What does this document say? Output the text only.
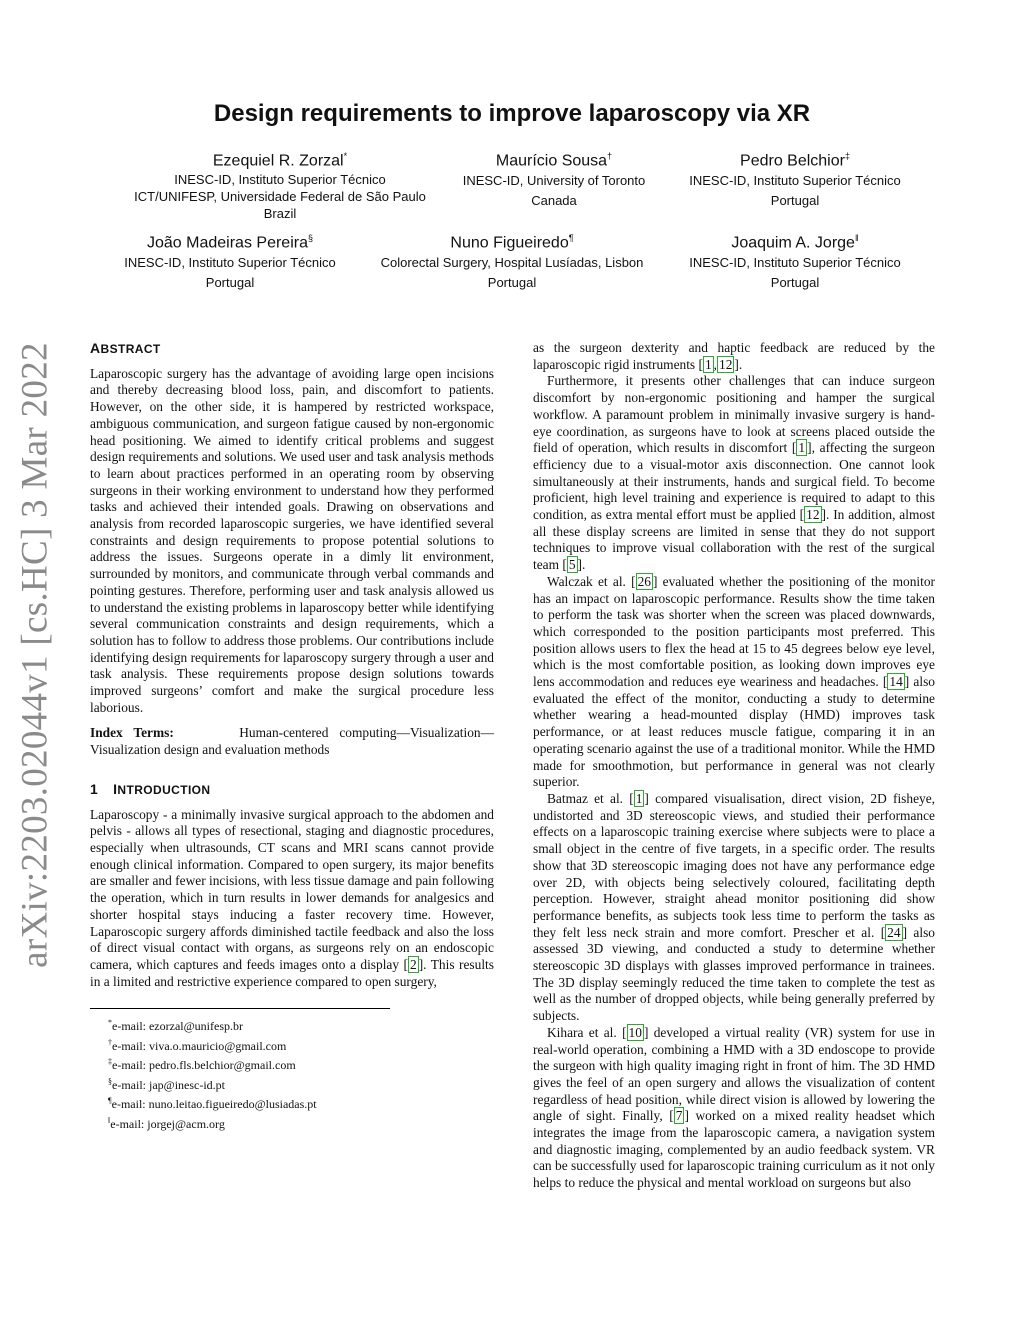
arXiv:2203.02044v1 [cs.HC] 3 Mar 2022
Design requirements to improve laparoscopy via XR
Ezequiel R. Zorzal*
INESC-ID, Instituto Superior Técnico
ICT/UNIFESP, Universidade Federal de São Paulo
Brazil
Maurício Sousa†
INESC-ID, University of Toronto
Canada
Pedro Belchior‡
INESC-ID, Instituto Superior Técnico
Portugal
João Madeiras Pereira§
INESC-ID, Instituto Superior Técnico
Portugal
Nuno Figueiredo¶
Colorectal Surgery, Hospital Lusíadas, Lisbon
Portugal
Joaquim A. Jorge‖
INESC-ID, Instituto Superior Técnico
Portugal
ABSTRACT

Laparoscopic surgery has the advantage of avoiding large open incisions and thereby decreasing blood loss, pain, and discomfort to patients. However, on the other side, it is hampered by restricted workspace, ambiguous communication, and surgeon fatigue caused by non-ergonomic head positioning. We aimed to identify critical problems and suggest design requirements and solutions. We used user and task analysis methods to learn about practices performed in an operating room by observing surgeons in their working environment to understand how they performed tasks and achieved their intended goals. Drawing on observations and analysis from recorded laparoscopic surgeries, we have identified several constraints and design requirements to propose potential solutions to address the issues. Surgeons operate in a dimly lit environment, surrounded by monitors, and communicate through verbal commands and pointing gestures. Therefore, performing user and task analysis allowed us to understand the existing problems in laparoscopy better while identifying several communication constraints and design requirements, which a solution has to follow to address those problems. Our contributions include identifying design requirements for laparoscopy surgery through a user and task analysis. These requirements propose design solutions towards improved surgeons’ comfort and make the surgical procedure less laborious.

Index Terms:	Human-centered computing—Visualization—Visualization design and evaluation methods

1 INTRODUCTION

Laparoscopy - a minimally invasive surgical approach to the abdomen and pelvis - allows all types of resectional, staging and diagnostic procedures, especially when ultrasounds, CT scans and MRI scans cannot provide enough clinical information. Compared to open surgery, its major benefits are smaller and fewer incisions, with less tissue damage and pain following the operation, which in turn results in lower demands for analgesics and shorter hospital stays inducing a faster recovery time. However, Laparoscopic surgery affords diminished tactile feedback and also the loss of direct visual contact with organs, as surgeons rely on an endoscopic camera, which captures and feeds images onto a display [ 2 ]. This results in a limited and restrictive experience compared to open surgery,

*e-mail: ezorzal@unifesp.br
†e-mail: viva.o.mauricio@gmail.com
‡e-mail: pedro.fls.belchior@gmail.com
§e-mail: jap@inesc-id.pt
¶e-mail: nuno.leitao.figueiredo@lusiadas.pt
‖e-mail: jorgej@acm.org

as the surgeon dexterity and haptic feedback are reduced by the laparoscopic rigid instruments [ 1 , 12 ].

Furthermore, it presents other challenges that can induce surgeon discomfort by non-ergonomic positioning and hamper the surgical workflow. A paramount problem in minimally invasive surgery is hand-eye coordination, as surgeons have to look at screens placed outside the field of operation, which results in discomfort [ 1 ], affecting the surgeon efficiency due to a visual-motor axis disconnection. One cannot look simultaneously at their instruments, hands and surgical field. To become proficient, high level training and experience is required to adapt to this condition, as extra mental effort must be applied [ 12 ]. In addition, almost all these display screens are limited in sense that they do not support techniques to improve visual collaboration with the rest of the surgical team [ 5 ].

Walczak et al. [ 26 ] evaluated whether the positioning of the monitor has an impact on laparoscopic performance. Results show the time taken to perform the task was shorter when the screen was placed downwards, which corresponded to the position participants most preferred. This position allows users to flex the head at 15 to 45 degrees below eye level, which is the most comfortable position, as looking down improves eye lens accommodation and reduces eye weariness and headaches. [ 14 ] also evaluated the effect of the monitor, conducting a study to determine whether wearing a head-mounted display (HMD) improves task performance, or at least reduces muscle fatigue, comparing it in an operating scenario against the use of a traditional monitor. While the HMD made for smoothmotion, but performance in general was not clearly superior.

Batmaz et al. [ 1 ] compared visualisation, direct vision, 2D fisheye, undistorted and 3D stereoscopic views, and studied their performance effects on a laparoscopic training exercise where subjects were to place a small object in the centre of five targets, in a specific order. The results show that 3D stereoscopic imaging does not have any performance edge over 2D, with objects being selectively coloured, facilitating depth perception. However, straight ahead monitor positioning did show performance benefits, as subjects took less time to perform the tasks as they felt less neck strain and more comfort. Prescher et al. [ 24 ] also assessed 3D viewing, and conducted a study to determine whether stereoscopic 3D displays with glasses improved performance in trainees. The 3D display seemingly reduced the time taken to complete the test as well as the number of dropped objects, while being generally preferred by subjects.

Kihara et al. [ 10 ] developed a virtual reality (VR) system for use in real-world operation, combining a HMD with a 3D endoscope to provide the surgeon with high quality imaging right in front of him. The 3D HMD gives the feel of an open surgery and allows the visualization of content regardless of head position, while direct vision is allowed by lowering the angle of sight. Finally, [ 7 ] worked on a mixed reality headset which integrates the image from the laparoscopic camera, a navigation system and diagnostic imaging, complemented by an audio feedback system. VR can be successfully used for laparoscopic training curriculum as it not only helps to reduce the physical and mental workload on surgeons but also
